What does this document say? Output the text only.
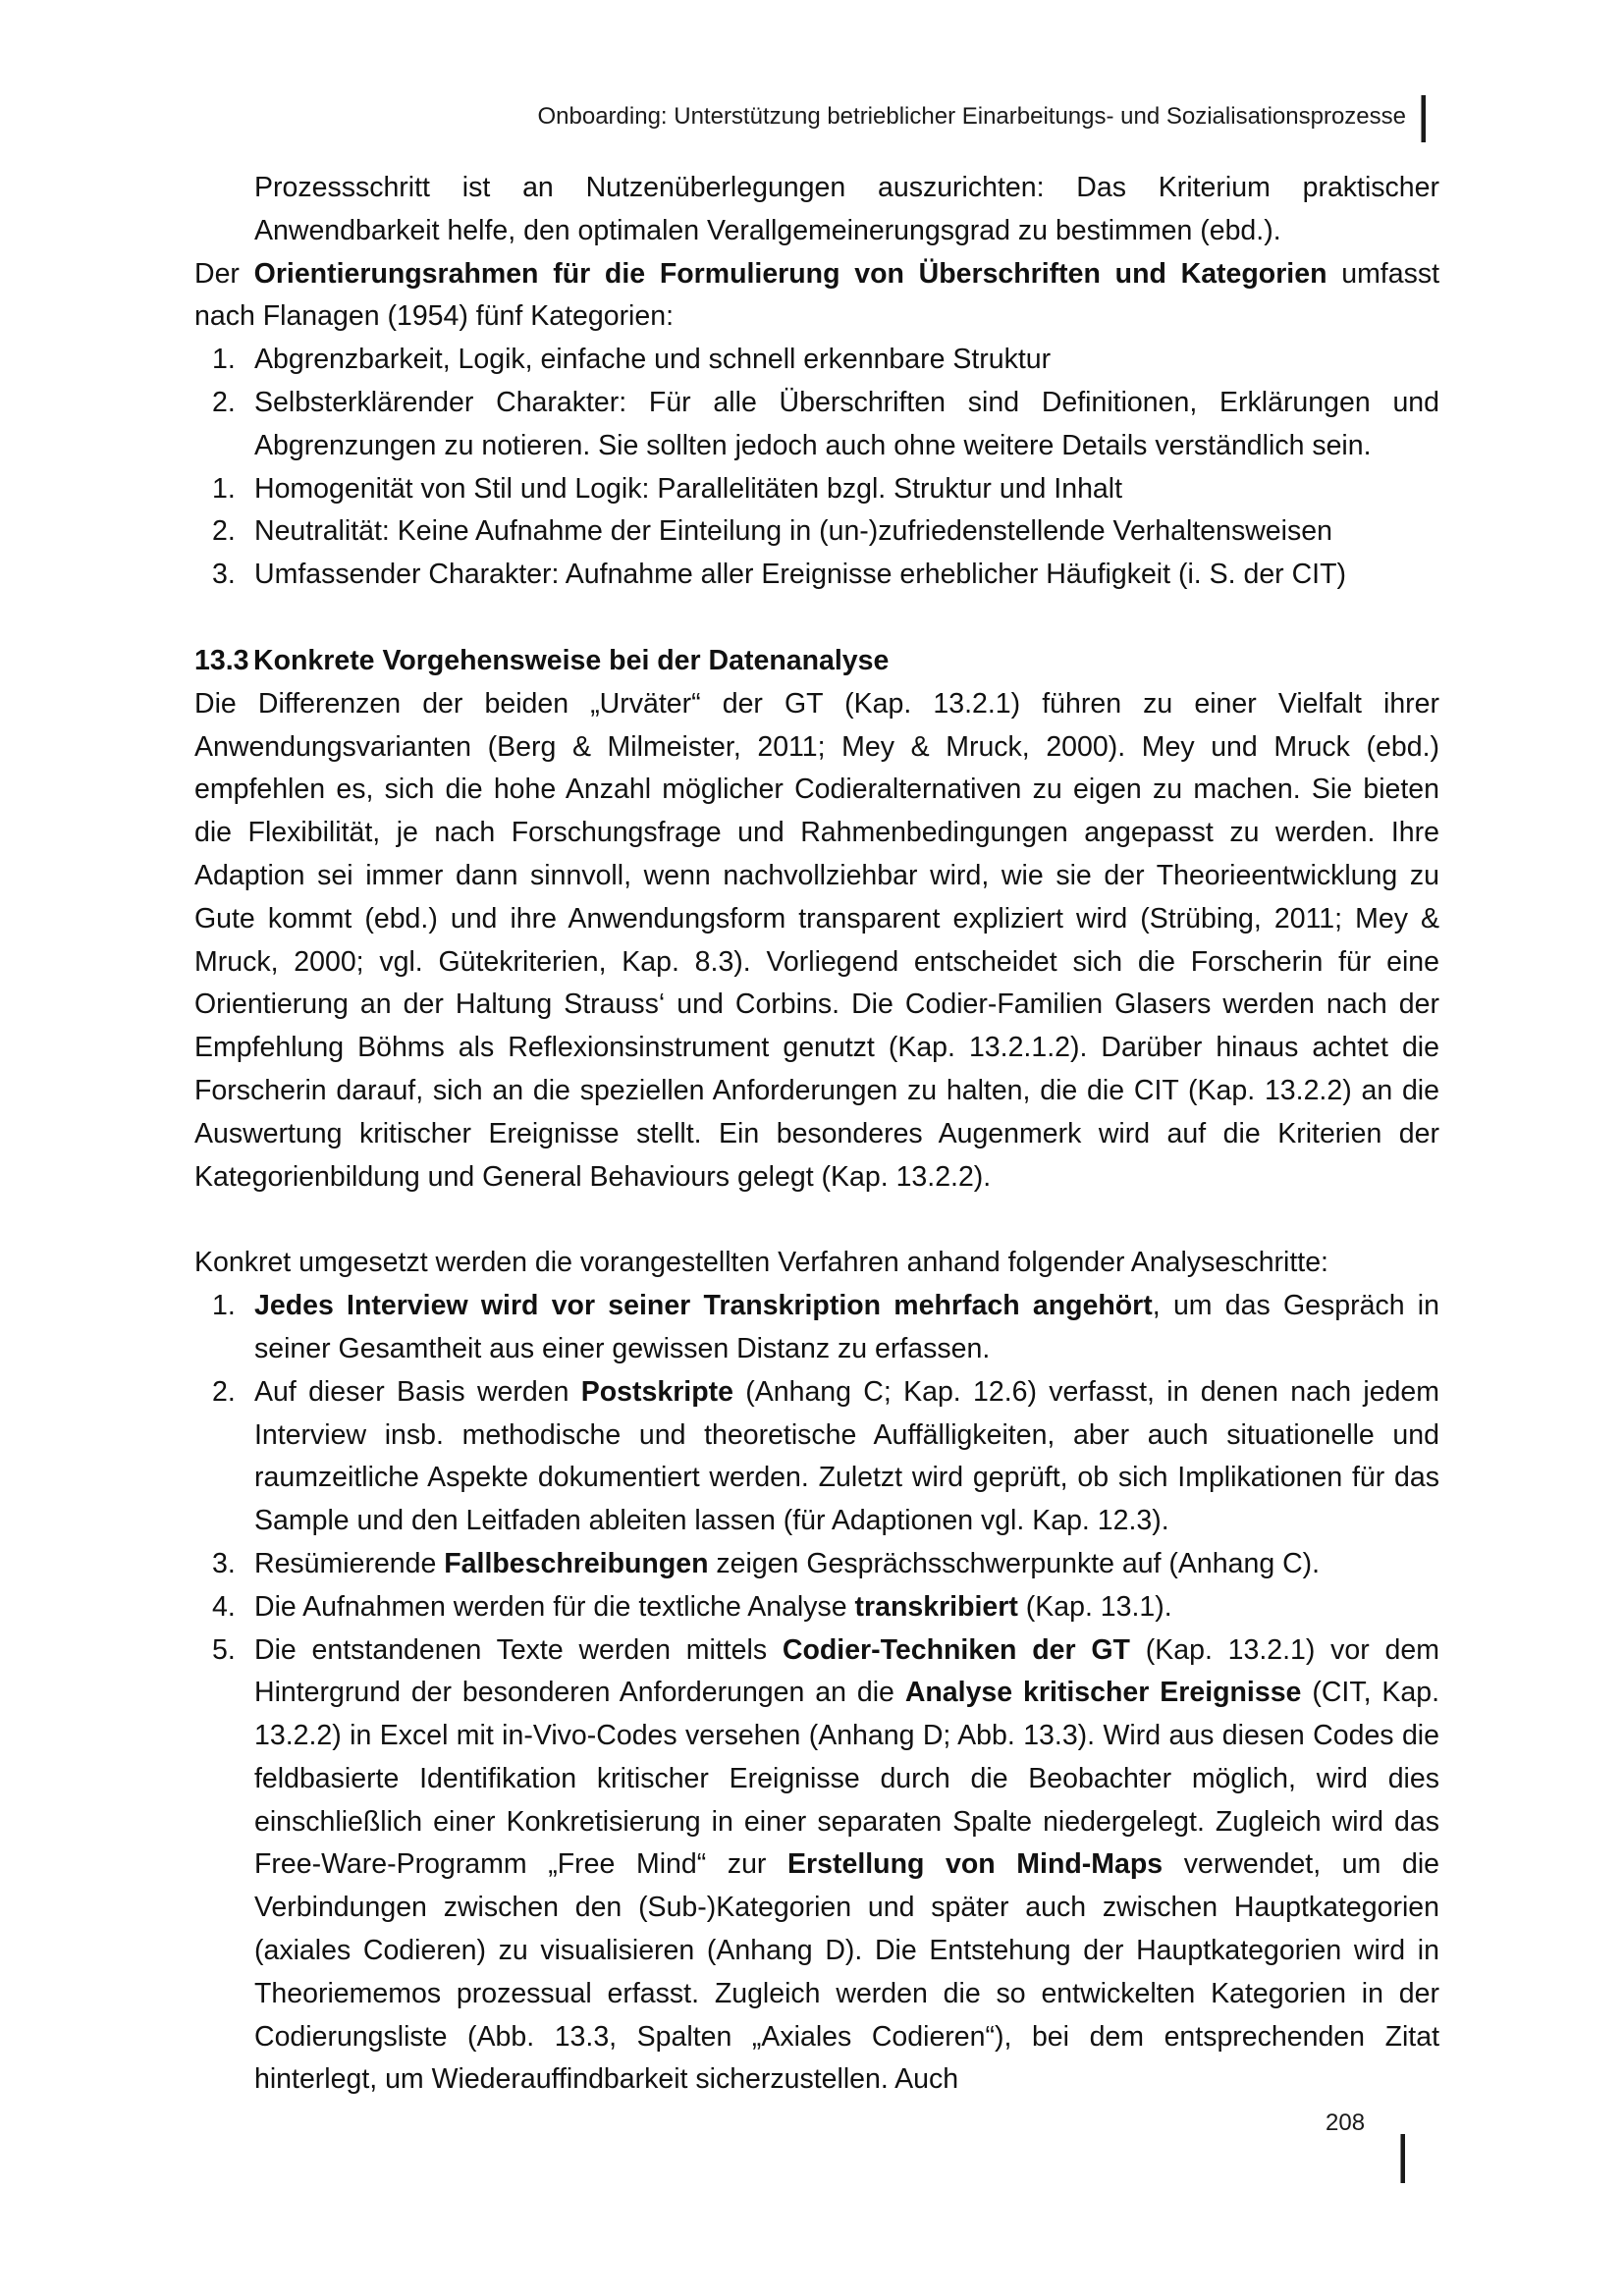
Onboarding: Unterstützung betrieblicher Einarbeitungs- und Sozialisationsprozesse

Prozessschritt ist an Nutzenüberlegungen auszurichten: Das Kriterium praktischer Anwendbarkeit helfe, den optimalen Verallgemeinerungsgrad zu bestimmen (ebd.).

Der Orientierungsrahmen für die Formulierung von Überschriften und Kategorien umfasst nach Flanagen (1954) fünf Kategorien:

1. Abgrenzbarkeit, Logik, einfache und schnell erkennbare Struktur
2. Selbsterklärender Charakter: Für alle Überschriften sind Definitionen, Erklärungen und Abgrenzungen zu notieren. Sie sollten jedoch auch ohne weitere Details verständlich sein.
1. Homogenität von Stil und Logik: Parallelitäten bzgl. Struktur und Inhalt
2. Neutralität: Keine Aufnahme der Einteilung in (un-)zufriedenstellende Verhaltensweisen
3. Umfassender Charakter: Aufnahme aller Ereignisse erheblicher Häufigkeit (i. S. der CIT)

13.3 Konkrete Vorgehensweise bei der Datenanalyse

Die Differenzen der beiden „Urväter“ der GT (Kap. 13.2.1) führen zu einer Vielfalt ihrer Anwendungsvarianten (Berg & Milmeister, 2011; Mey & Mruck, 2000). Mey und Mruck (ebd.) empfehlen es, sich die hohe Anzahl möglicher Codieralternativen zu eigen zu machen. Sie bieten die Flexibilität, je nach Forschungsfrage und Rahmenbedingungen angepasst zu werden. Ihre Adaption sei immer dann sinnvoll, wenn nachvollziehbar wird, wie sie der Theorieentwicklung zu Gute kommt (ebd.) und ihre Anwendungsform transparent expliziert wird (Strübing, 2011; Mey & Mruck, 2000; vgl. Gütekriterien, Kap. 8.3). Vorliegend entscheidet sich die Forscherin für eine Orientierung an der Haltung Strauss‘ und Corbins. Die Codier-Familien Glasers werden nach der Empfehlung Böhms als Reflexionsinstrument genutzt (Kap. 13.2.1.2). Darüber hinaus achtet die Forscherin darauf, sich an die speziellen Anforderungen zu halten, die die CIT (Kap. 13.2.2) an die Auswertung kritischer Ereignisse stellt. Ein besonderes Augenmerk wird auf die Kriterien der Kategorienbildung und General Behaviours gelegt (Kap. 13.2.2).

Konkret umgesetzt werden die vorangestellten Verfahren anhand folgender Analyseschritte:

1. Jedes Interview wird vor seiner Transkription mehrfach angehört, um das Gespräch in seiner Gesamtheit aus einer gewissen Distanz zu erfassen.
2. Auf dieser Basis werden Postskripte (Anhang C; Kap. 12.6) verfasst, in denen nach jedem Interview insb. methodische und theoretische Auffälligkeiten, aber auch situationelle und raumzeitliche Aspekte dokumentiert werden. Zuletzt wird geprüft, ob sich Implikationen für das Sample und den Leitfaden ableiten lassen (für Adaptionen vgl. Kap. 12.3).
3. Resümierende Fallbeschreibungen zeigen Gesprächsschwerpunkte auf (Anhang C).
4. Die Aufnahmen werden für die textliche Analyse transkribiert (Kap. 13.1).
5. Die entstandenen Texte werden mittels Codier-Techniken der GT (Kap. 13.2.1) vor dem Hintergrund der besonderen Anforderungen an die Analyse kritischer Ereignisse (CIT, Kap. 13.2.2) in Excel mit in-Vivo-Codes versehen (Anhang D; Abb. 13.3). Wird aus diesen Codes die feldbasierte Identifikation kritischer Ereignisse durch die Beobachter möglich, wird dies einschließlich einer Konkretisierung in einer separaten Spalte niedergelegt. Zugleich wird das Free-Ware-Programm „Free Mind“ zur Erstellung von Mind-Maps verwendet, um die Verbindungen zwischen den (Sub-)Kategorien und später auch zwischen Hauptkategorien (axiales Codieren) zu visualisieren (Anhang D). Die Entstehung der Hauptkategorien wird in Theoriememos prozessual erfasst. Zugleich werden die so entwickelten Kategorien in der Codierungsliste (Abb. 13.3, Spalten „Axiales Codieren“), bei dem entsprechenden Zitat hinterlegt, um Wiederauffindbarkeit sicherzustellen. Auch
208
